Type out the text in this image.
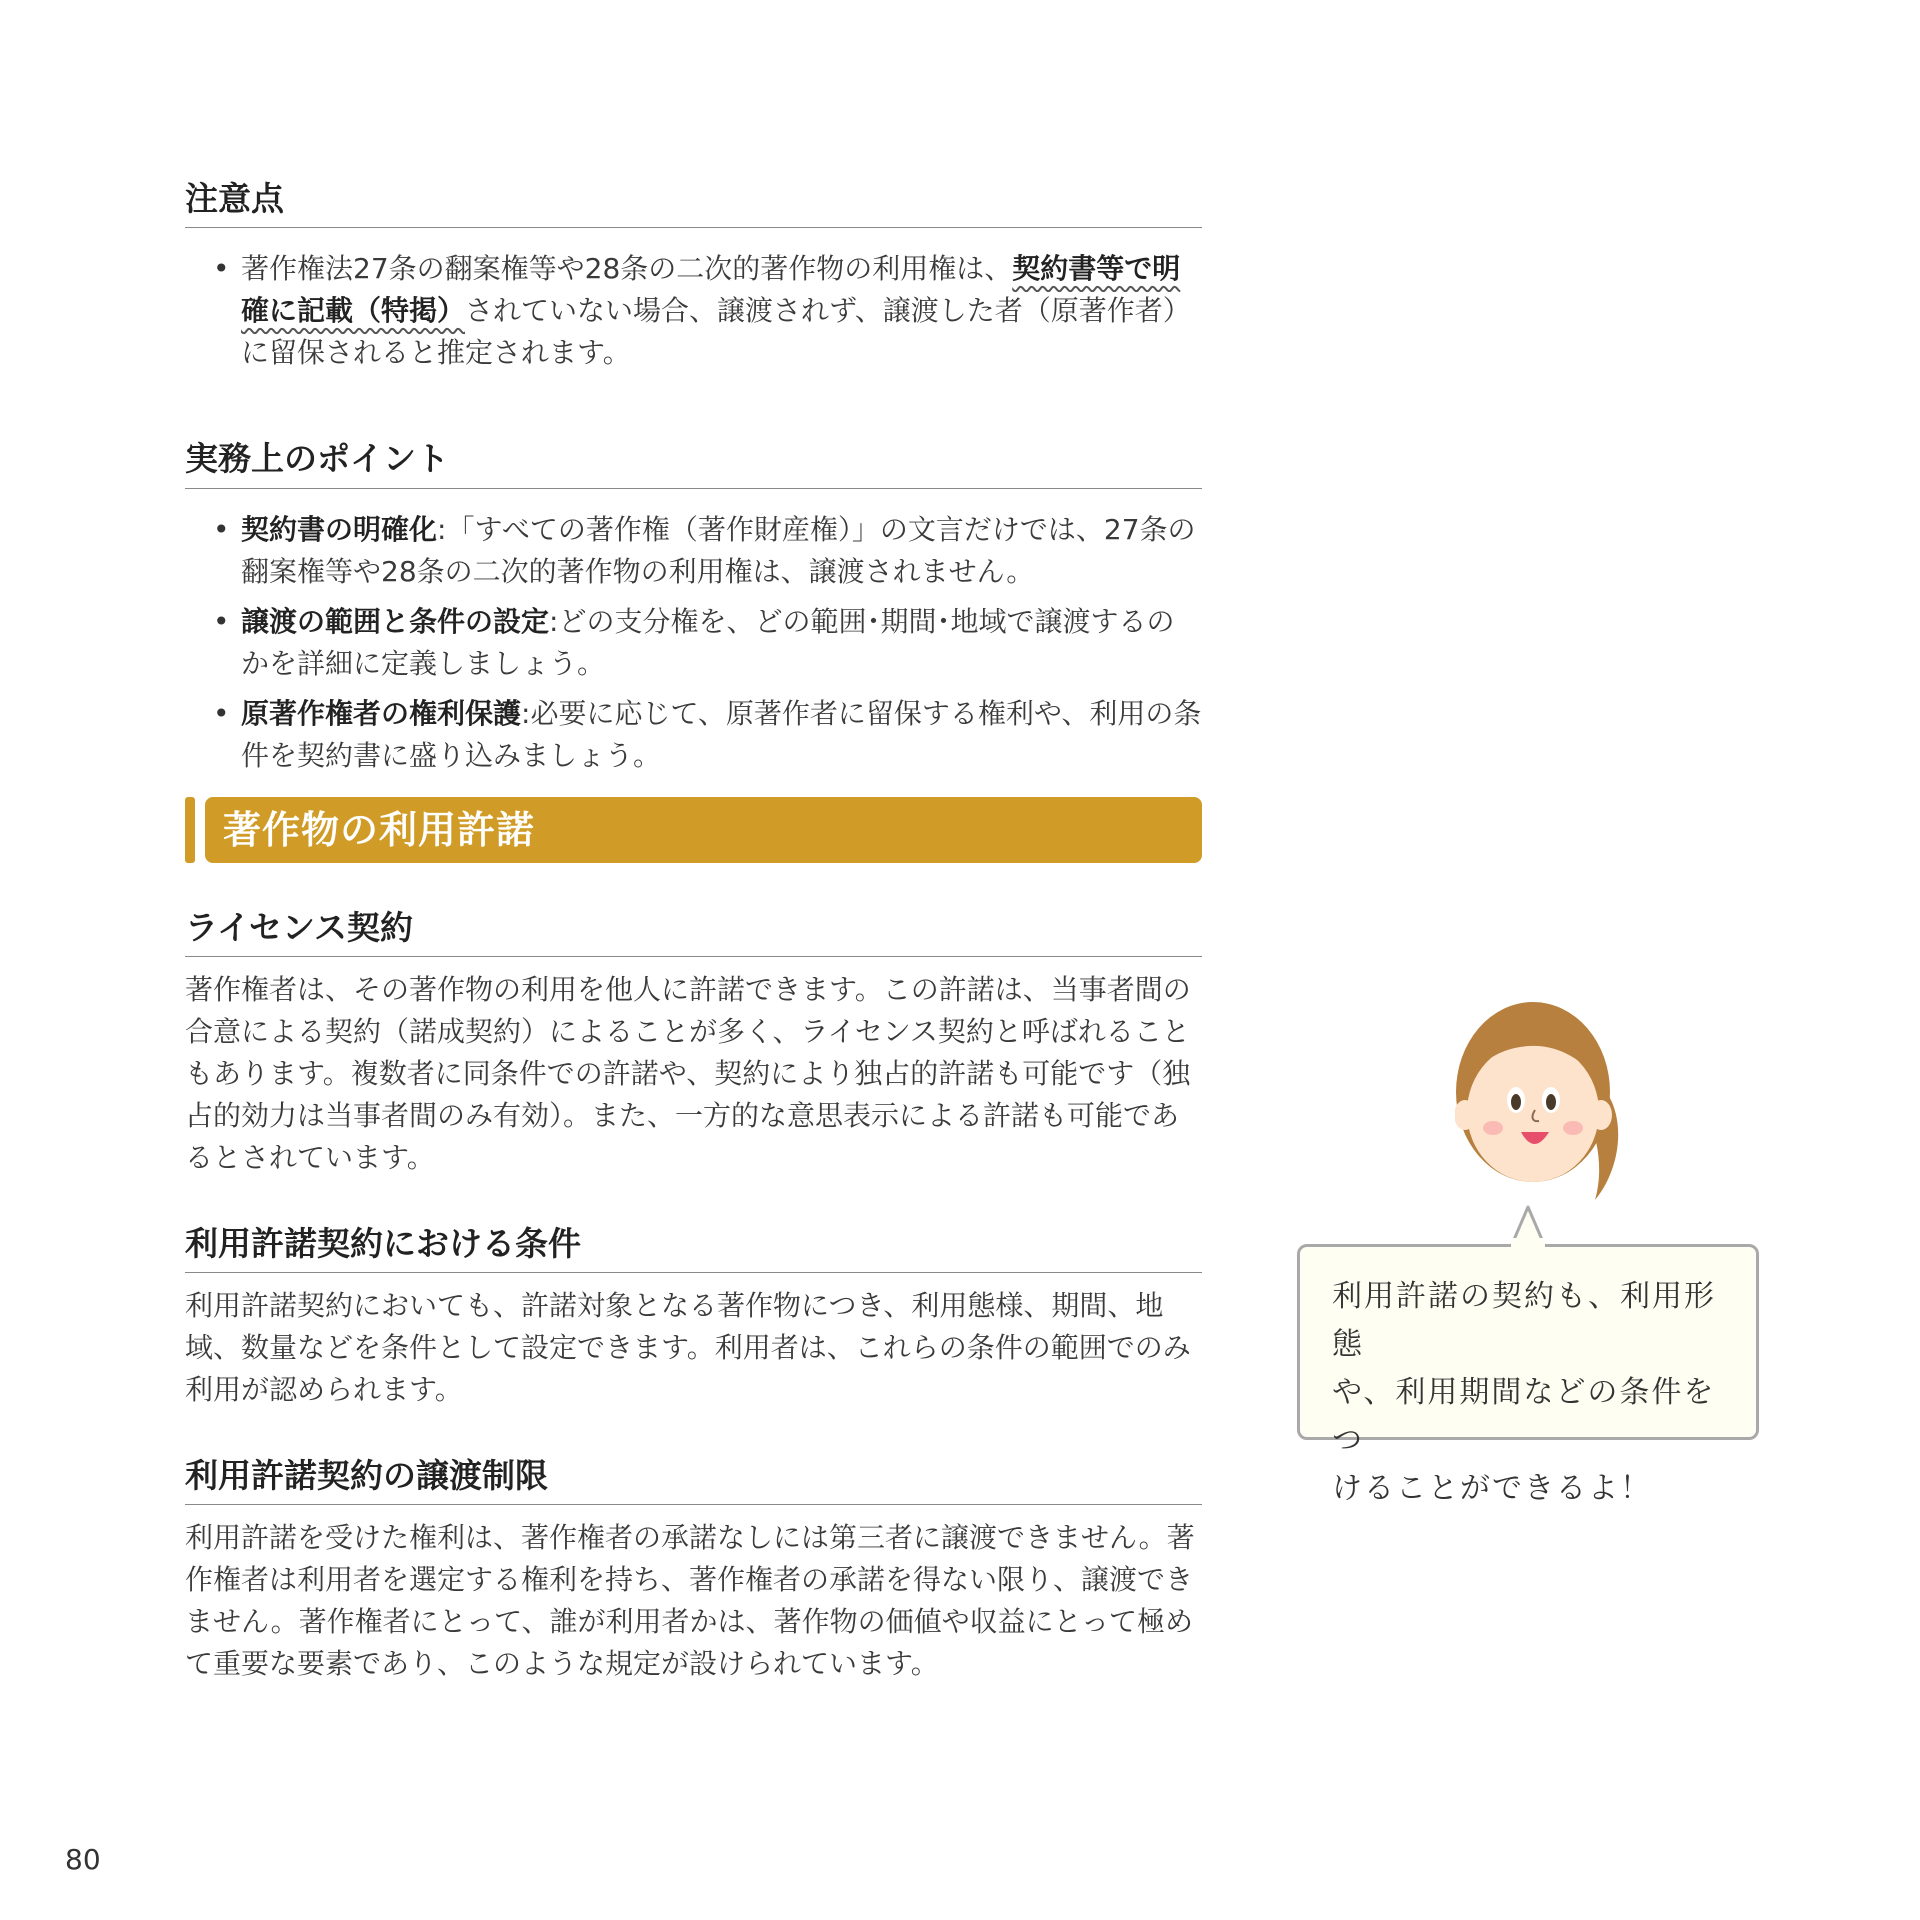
注意点
• 著作権法27条の翻案権等や28条の二次的著作物の利用権は、契約書等で明確に記載（特掲）されていない場合、譲渡されず、譲渡した者（原著作者）に留保されると推定されます。
実務上のポイント
• 契約書の明確化:「すべての著作権（著作財産権）」の文言だけでは、27条の翻案権等や28条の二次的著作物の利用権は、譲渡されません。
• 譲渡の範囲と条件の設定:どの支分権を、どの範囲･期間･地域で譲渡するのかを詳細に定義しましょう。
• 原著作権者の権利保護:必要に応じて、原著作者に留保する権利や、利用の条件を契約書に盛り込みましょう。
著作物の利用許諾
ライセンス契約

著作権者は、その著作物の利用を他人に許諾できます。この許諾は、当事者間の合意による契約（諾成契約）によることが多く、ライセンス契約と呼ばれることもあります。複数者に同条件での許諾や、契約により独占的許諾も可能です（独占的効力は当事者間のみ有効）。また、一方的な意思表示による許諾も可能であるとされています。

利用許諾契約における条件

利用許諾契約においても、許諾対象となる著作物につき、利用態様、期間、地域、数量などを条件として設定できます。利用者は、これらの条件の範囲でのみ利用が認められます。

利用許諾契約の譲渡制限

利用許諾を受けた権利は、著作権者の承諾なしには第三者に譲渡できません。著作権者は利用者を選定する権利を持ち、著作権者の承諾を得ない限り、譲渡できません。著作権者にとって、誰が利用者かは、著作物の価値や収益にとって極めて重要な要素であり、このような規定が設けられています。

利用許諾の契約も、利用形態
や、利用期間などの条件をつ
けることができるよ！
80
